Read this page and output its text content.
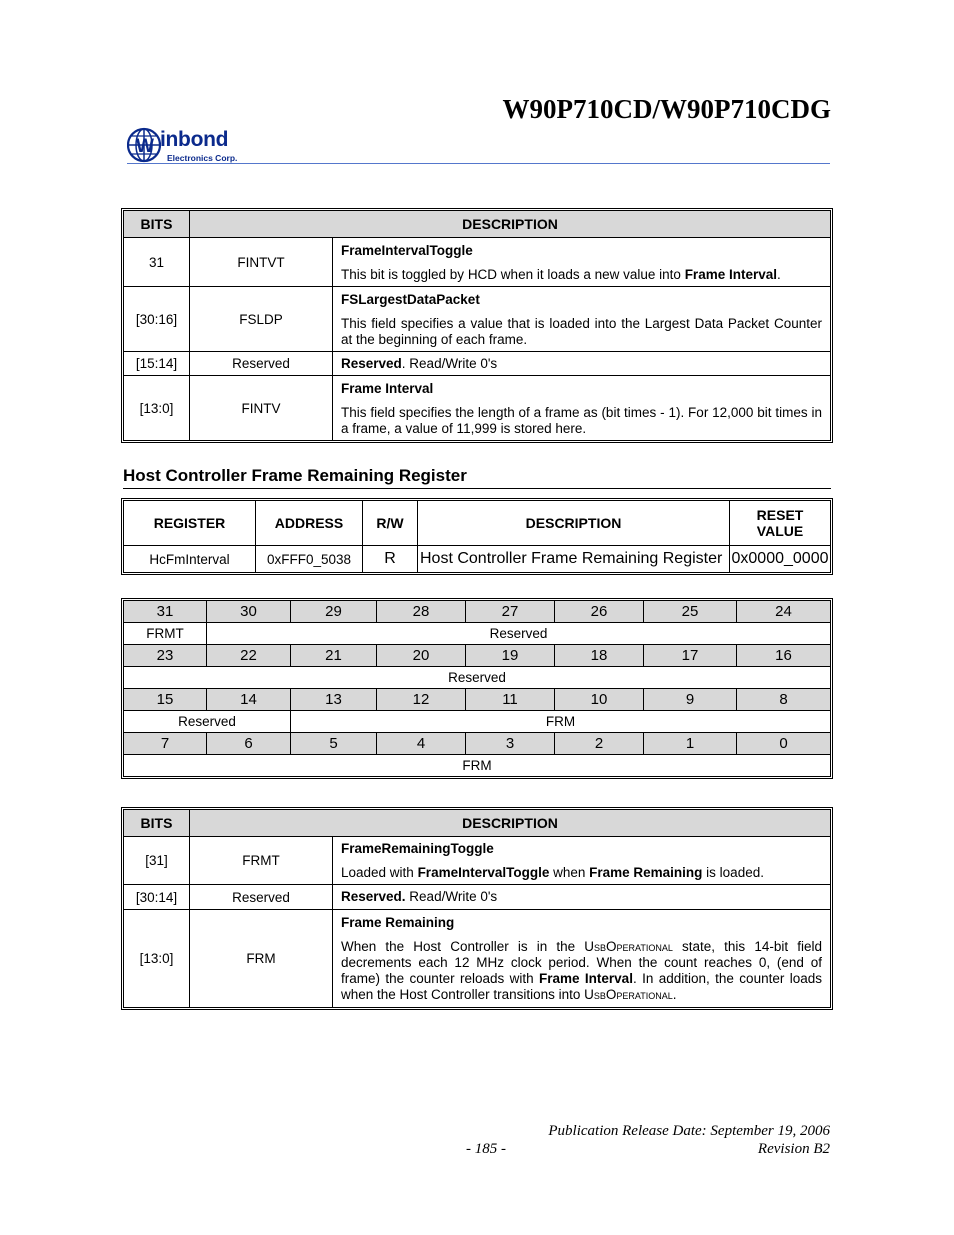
W90P710CD/W90P710CDG
W inbond
Electronics Corp.
BITS	DESCRIPTION	
31	FINTVT	FrameIntervalToggle
This bit is toggled by HCD when it loads a new value into Frame Interval.

[30:16]	FSLDP	FSLargestDataPacket
This field specifies a value that is loaded into the Largest Data Packet Counter at the beginning of each frame.

[15:14]	Reserved	Reserved. Read/Write 0's
[13:0]	FINTV	Frame Interval
This field specifies the length of a frame as (bit times - 1). For 12,000 bit times in a frame, a value of 11,999 is stored here.
Host Controller Frame Remaining Register
REGISTER	ADDRESS	R/W	DESCRIPTION	RESET
VALUE
HcFmInterval	0xFFF0_5038	R	Host Controller Frame Remaining Register	0x0000_0000
31	30	29	28	27	26	25	24
FRMT	Reserved						
23	22	21	20	19	18	17	16
Reserved							
15	14	13	12	11	10	9	8
Reserved		FRM					
7	6	5	4	3	2	1	0
FRM							
BITS	DESCRIPTION	
[31]	FRMT	FrameRemainingToggle
Loaded with FrameIntervalToggle when Frame Remaining is loaded.

[30:14]	Reserved	Reserved. Read/Write 0's
[13:0]	FRM	Frame Remaining
When the Host Controller is in the UsbOperational state, this 14-bit field decrements each 12 MHz clock period. When the count reaches 0, (end of frame) the counter reloads with Frame Interval. In addition, the counter loads when the Host Controller transitions into UsbOperational.
Publication Release Date: September 19, 2006
- 185 -	Revision B2
